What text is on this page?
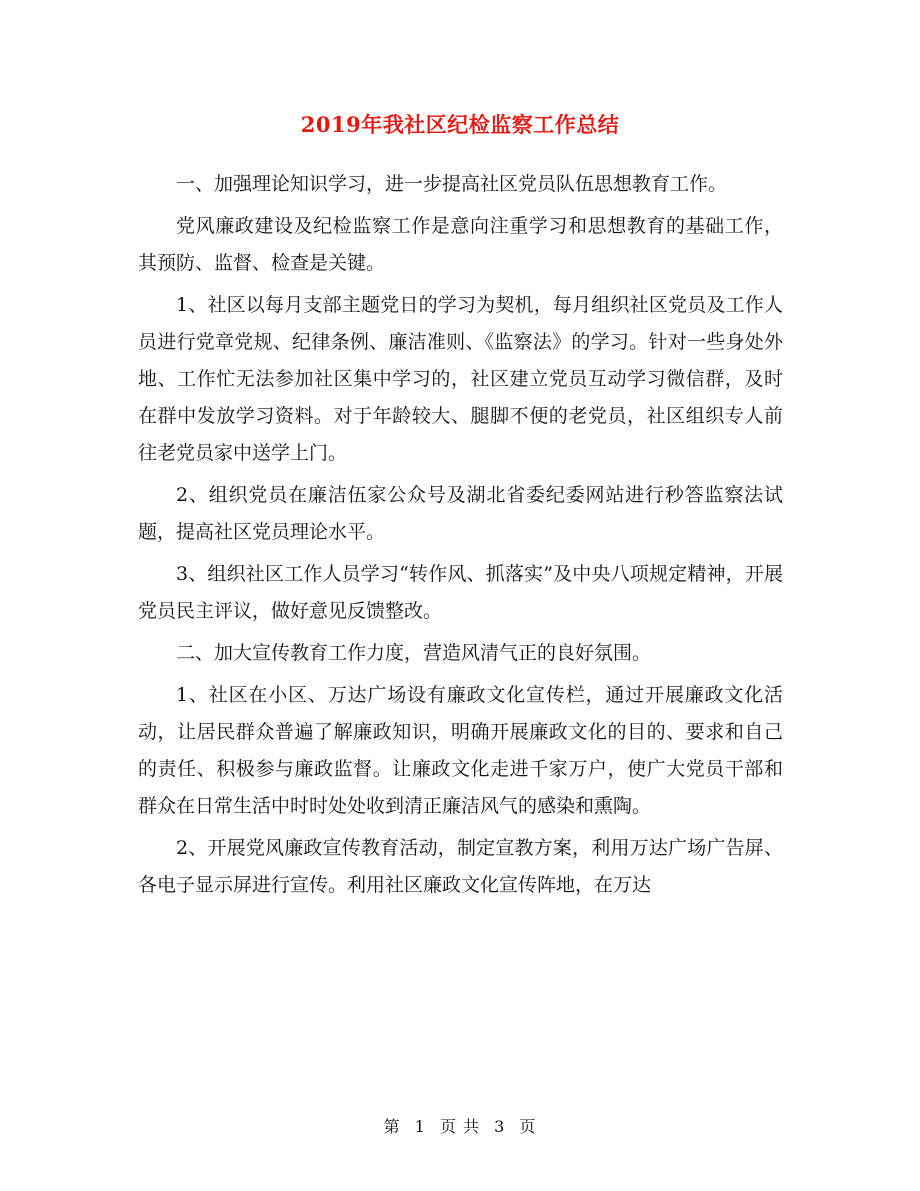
2019年我社区纪检监察工作总结

一、加强理论知识学习，进一步提高社区党员队伍思想教育工作。

党风廉政建设及纪检监察工作是意向注重学习和思想教育的基础工作，其预防、监督、检查是关键。

1、社区以每月支部主题党日的学习为契机，每月组织社区党员及工作人员进行党章党规、纪律条例、廉洁准则、《监察法》的学习。针对一些身处外地、工作忙无法参加社区集中学习的，社区建立党员互动学习微信群，及时在群中发放学习资料。对于年龄较大、腿脚不便的老党员，社区组织专人前往老党员家中送学上门。

2、组织党员在廉洁伍家公众号及湖北省委纪委网站进行秒答监察法试题，提高社区党员理论水平。

3、组织社区工作人员学习“转作风、抓落实”及中央八项规定精神，开展党员民主评议，做好意见反馈整改。

二、加大宣传教育工作力度，营造风清气正的良好氛围。

1、社区在小区、万达广场设有廉政文化宣传栏，通过开展廉政文化活动，让居民群众普遍了解廉政知识，明确开展廉政文化的目的、要求和自己的责任、积极参与廉政监督。让廉政文化走进千家万户，使广大党员干部和群众在日常生活中时时处处收到清正廉洁风气的感染和熏陶。

2、开展党风廉政宣传教育活动，制定宣教方案，利用万达广场广告屏、各电子显示屏进行宣传。利用社区廉政文化宣传阵地，在万达

第 1 页 共 3 页
